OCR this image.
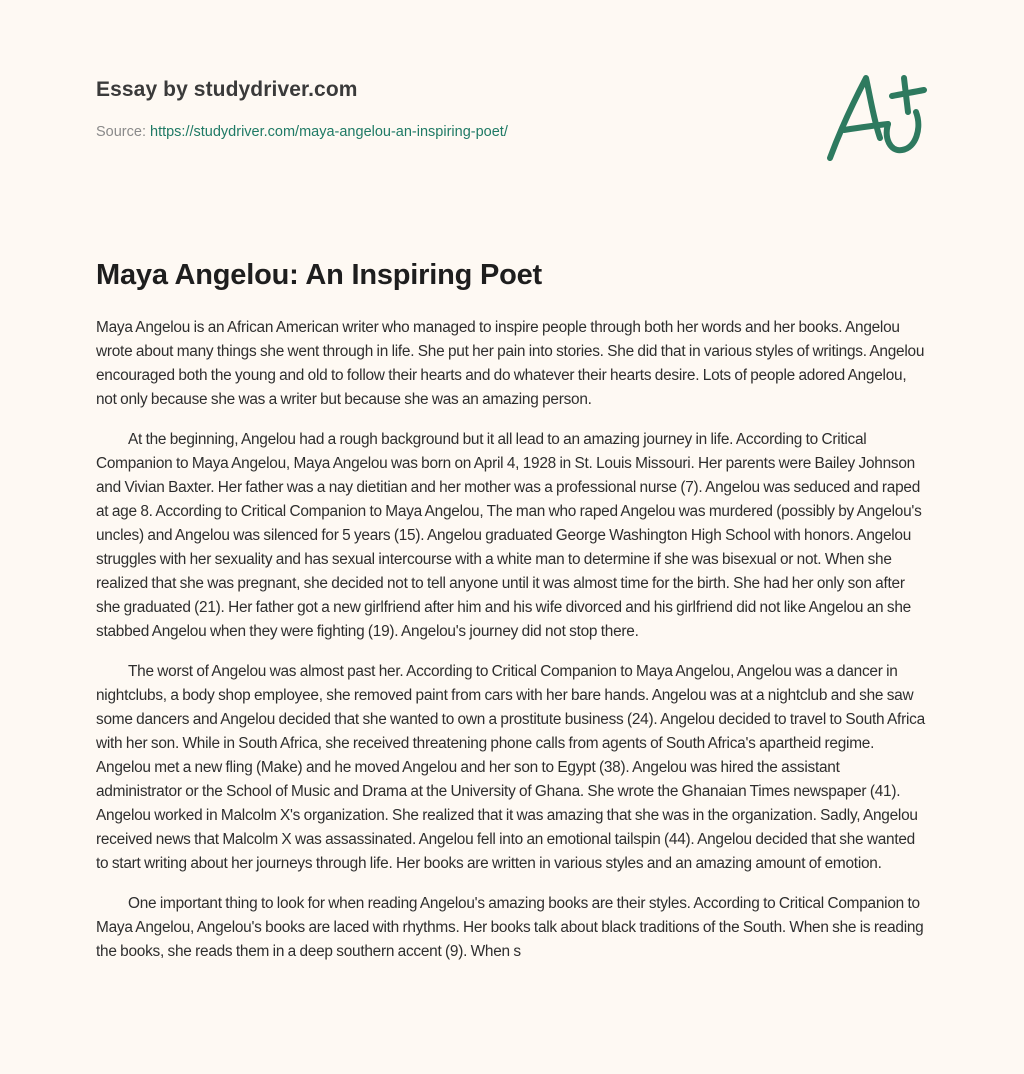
Essay by studydriver.com
Source: https://studydriver.com/maya-angelou-an-inspiring-poet/
Maya Angelou: An Inspiring Poet

Maya Angelou is an African American writer who managed to inspire people through both her words and her books. Angelou wrote about many things she went through in life. She put her pain into stories. She did that in various styles of writings. Angelou encouraged both the young and old to follow their hearts and do whatever their hearts desire. Lots of people adored Angelou, not only because she was a writer but because she was an amazing person.

At the beginning, Angelou had a rough background but it all lead to an amazing journey in life. According to Critical Companion to Maya Angelou, Maya Angelou was born on April 4, 1928 in St. Louis Missouri. Her parents were Bailey Johnson and Vivian Baxter. Her father was a nay dietitian and her mother was a professional nurse (7). Angelou was seduced and raped at age 8. According to Critical Companion to Maya Angelou, The man who raped Angelou was murdered (possibly by Angelou's uncles) and Angelou was silenced for 5 years (15). Angelou graduated George Washington High School with honors. Angelou struggles with her sexuality and has sexual intercourse with a white man to determine if she was bisexual or not. When she realized that she was pregnant, she decided not to tell anyone until it was almost time for the birth. She had her only son after she graduated (21). Her father got a new girlfriend after him and his wife divorced and his girlfriend did not like Angelou an she stabbed Angelou when they were fighting (19). Angelou's journey did not stop there.

The worst of Angelou was almost past her. According to Critical Companion to Maya Angelou, Angelou was a dancer in nightclubs, a body shop employee, she removed paint from cars with her bare hands. Angelou was at a nightclub and she saw some dancers and Angelou decided that she wanted to own a prostitute business (24). Angelou decided to travel to South Africa with her son. While in South Africa, she received threatening phone calls from agents of South Africa's apartheid regime. Angelou met a new fling (Make) and he moved Angelou and her son to Egypt (38). Angelou was hired the assistant administrator or the School of Music and Drama at the University of Ghana. She wrote the Ghanaian Times newspaper (41). Angelou worked in Malcolm X's organization. She realized that it was amazing that she was in the organization. Sadly, Angelou received news that Malcolm X was assassinated. Angelou fell into an emotional tailspin (44). Angelou decided that she wanted to start writing about her journeys through life. Her books are written in various styles and an amazing amount of emotion.

One important thing to look for when reading Angelou's amazing books are their styles. According to Critical Companion to Maya Angelou, Angelou's books are laced with rhythms. Her books talk about black traditions of the South. When she is reading the books, she reads them in a deep southern accent (9). When s
